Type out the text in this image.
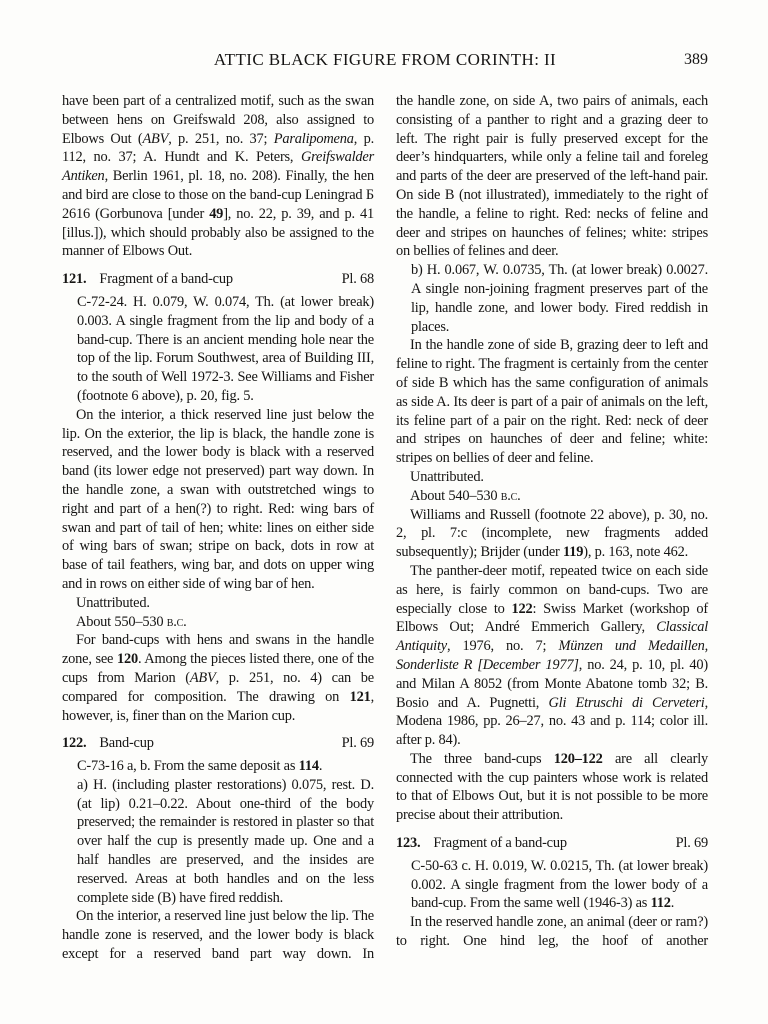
ATTIC BLACK FIGURE FROM CORINTH: II	389

have been part of a centralized motif, such as the swan between hens on Greifswald 208, also assigned to Elbows Out (ABV, p. 251, no. 37; Paralipomena, p. 112, no. 37; A. Hundt and K. Peters, Greifswalder Antiken, Berlin 1961, pl. 18, no. 208). Finally, the hen and bird are close to those on the band-cup Leningrad Б 2616 (Gorbunova [under 49], no. 22, p. 39, and p. 41 [illus.]), which should probably also be assigned to the manner of Elbows Out.

121. Fragment of a band-cup	Pl. 68

C-72-24. H. 0.079, W. 0.074, Th. (at lower break) 0.003. A single fragment from the lip and body of a band-cup. There is an ancient mending hole near the top of the lip. Forum Southwest, area of Building III, to the south of Well 1972-3. See Williams and Fisher (footnote 6 above), p. 20, fig. 5.

On the interior, a thick reserved line just below the lip. On the exterior, the lip is black, the handle zone is reserved, and the lower body is black with a reserved band (its lower edge not preserved) part way down. In the handle zone, a swan with outstretched wings to right and part of a hen(?) to right. Red: wing bars of swan and part of tail of hen; white: lines on either side of wing bars of swan; stripe on back, dots in row at base of tail feathers, wing bar, and dots on upper wing and in rows on either side of wing bar of hen.

Unattributed.

About 550–530 b.c.

For band-cups with hens and swans in the handle zone, see 120. Among the pieces listed there, one of the cups from Marion (ABV, p. 251, no. 4) can be compared for composition. The drawing on 121, however, is, finer than on the Marion cup.

122. Band-cup	Pl. 69

C-73-16 a, b. From the same deposit as 114.

a) H. (including plaster restorations) 0.075, rest. D. (at lip) 0.21–0.22. About one-third of the body preserved; the remainder is restored in plaster so that over half the cup is presently made up. One and a half handles are preserved, and the insides are reserved. Areas at both handles and on the less complete side (B) have fired reddish.

On the interior, a reserved line just below the lip. The handle zone is reserved, and the lower body is black except for a reserved band part way down. In

the handle zone, on side A, two pairs of animals, each consisting of a panther to right and a grazing deer to left. The right pair is fully preserved except for the deer’s hindquarters, while only a feline tail and foreleg and parts of the deer are preserved of the left-hand pair. On side B (not illustrated), immediately to the right of the handle, a feline to right. Red: necks of feline and deer and stripes on haunches of felines; white: stripes on bellies of felines and deer.

b) H. 0.067, W. 0.0735, Th. (at lower break) 0.0027. A single non-joining fragment preserves part of the lip, handle zone, and lower body. Fired reddish in places.

In the handle zone of side B, grazing deer to left and feline to right. The fragment is certainly from the center of side B which has the same configuration of animals as side A. Its deer is part of a pair of animals on the left, its feline part of a pair on the right. Red: neck of deer and stripes on haunches of deer and feline; white: stripes on bellies of deer and feline.

Unattributed.

About 540–530 b.c.

Williams and Russell (footnote 22 above), p. 30, no. 2, pl. 7:c (incomplete, new fragments added subsequently); Brijder (under 119), p. 163, note 462.

The panther-deer motif, repeated twice on each side as here, is fairly common on band-cups. Two are especially close to 122: Swiss Market (workshop of Elbows Out; André Emmerich Gallery, Classical Antiquity, 1976, no. 7; Münzen und Medaillen, Sonderliste R [December 1977], no. 24, p. 10, pl. 40) and Milan A 8052 (from Monte Abatone tomb 32; B. Bosio and A. Pugnetti, Gli Etruschi di Cerveteri, Modena 1986, pp. 26–27, no. 43 and p. 114; color ill. after p. 84).

The three band-cups 120–122 are all clearly connected with the cup painters whose work is related to that of Elbows Out, but it is not possible to be more precise about their attribution.

123. Fragment of a band-cup	Pl. 69

C-50-63 c. H. 0.019, W. 0.0215, Th. (at lower break) 0.002. A single fragment from the lower body of a band-cup. From the same well (1946-3) as 112.

In the reserved handle zone, an animal (deer or ram?) to right. One hind leg, the hoof of another
